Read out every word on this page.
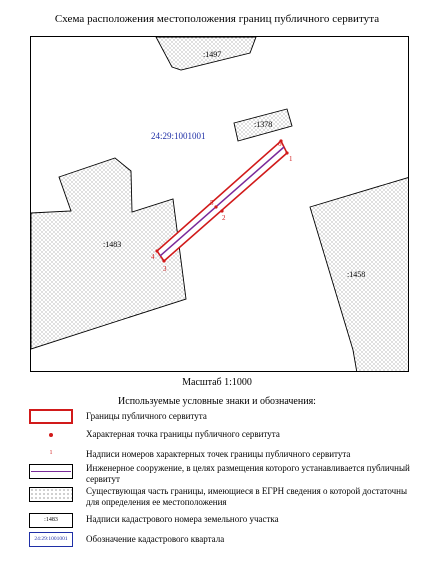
Схема расположения местоположения границ публичного сервитута
:1497
:1378
:1483
:1458
1
2
3
4
5
6
24:29:1001001
Масштаб 1:1000
Используемые условные знаки и обозначения:
Границы публичного сервитута
Характерная точка границы публичного сервитута
1	Надписи номеров характерных точек границы публичного сервитута
Инженерное сооружение, в целях размещения которого устанавливается публичный сервитут
Существующая часть границы, имеющиеся в ЕГРН сведения о которой достаточны для определения ее местоположения
:1483	Надписи кадастрового номера земельного участка
24:29:1001001	Обозначение кадастрового квартала
